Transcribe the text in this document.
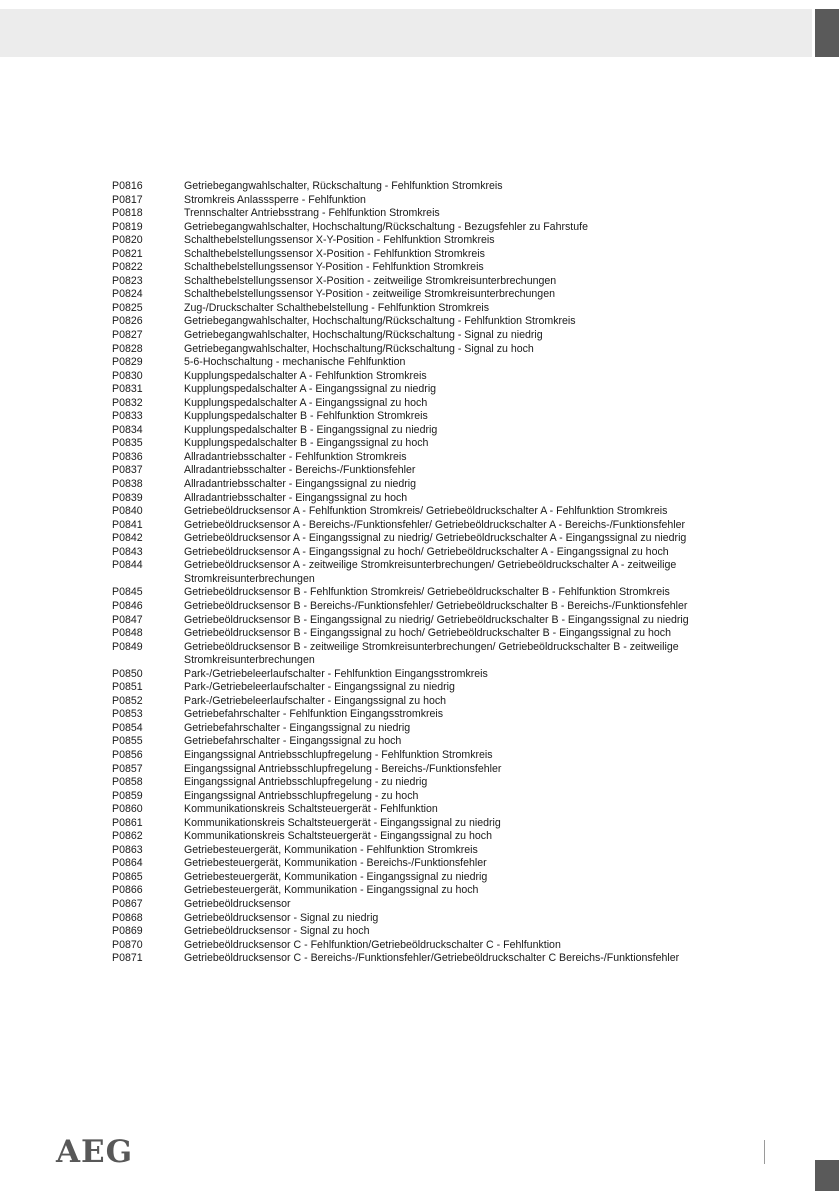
P0816	Getriebegangwahlschalter, Rückschaltung - Fehlfunktion Stromkreis
P0817	Stromkreis Anlasssperre - Fehlfunktion
P0818	Trennschalter Antriebsstrang - Fehlfunktion Stromkreis
P0819	Getriebegangwahlschalter, Hochschaltung/Rückschaltung - Bezugsfehler zu Fahrstufe
P0820	Schalthebelstellungssensor X-Y-Position - Fehlfunktion Stromkreis
P0821	Schalthebelstellungssensor X-Position - Fehlfunktion Stromkreis
P0822	Schalthebelstellungssensor Y-Position - Fehlfunktion Stromkreis
P0823	Schalthebelstellungssensor X-Position - zeitweilige Stromkreisunterbrechungen
P0824	Schalthebelstellungssensor Y-Position - zeitweilige Stromkreisunterbrechungen
P0825	Zug-/Druckschalter Schalthebelstellung - Fehlfunktion Stromkreis
P0826	Getriebegangwahlschalter, Hochschaltung/Rückschaltung - Fehlfunktion Stromkreis
P0827	Getriebegangwahlschalter, Hochschaltung/Rückschaltung - Signal zu niedrig
P0828	Getriebegangwahlschalter, Hochschaltung/Rückschaltung - Signal zu hoch
P0829	5-6-Hochschaltung - mechanische Fehlfunktion
P0830	Kupplungspedalschalter A - Fehlfunktion Stromkreis
P0831	Kupplungspedalschalter A - Eingangssignal zu niedrig
P0832	Kupplungspedalschalter A - Eingangssignal zu hoch
P0833	Kupplungspedalschalter B - Fehlfunktion Stromkreis
P0834	Kupplungspedalschalter B - Eingangssignal zu niedrig
P0835	Kupplungspedalschalter B - Eingangssignal zu hoch
P0836	Allradantriebsschalter - Fehlfunktion Stromkreis
P0837	Allradantriebsschalter - Bereichs-/Funktionsfehler
P0838	Allradantriebsschalter - Eingangssignal zu niedrig
P0839	Allradantriebsschalter - Eingangssignal zu hoch
P0840	Getriebeöldrucksensor A - Fehlfunktion Stromkreis/ Getriebeöldruckschalter A - Fehlfunktion Stromkreis
P0841	Getriebeöldrucksensor A - Bereichs-/Funktionsfehler/ Getriebeöldruckschalter A - Bereichs-/Funktionsfehler
P0842	Getriebeöldrucksensor A - Eingangssignal zu niedrig/ Getriebeöldruckschalter A - Eingangssignal zu niedrig
P0843	Getriebeöldrucksensor A - Eingangssignal zu hoch/ Getriebeöldruckschalter A - Eingangssignal zu hoch
P0844	Getriebeöldrucksensor A - zeitweilige Stromkreisunterbrechungen/ Getriebeöldruckschalter A - zeitweilige Stromkreisunterbrechungen
P0845	Getriebeöldrucksensor B - Fehlfunktion Stromkreis/ Getriebeöldruckschalter B - Fehlfunktion Stromkreis
P0846	Getriebeöldrucksensor B - Bereichs-/Funktionsfehler/ Getriebeöldruckschalter B - Bereichs-/Funktionsfehler
P0847	Getriebeöldrucksensor B - Eingangssignal zu niedrig/ Getriebeöldruckschalter B - Eingangssignal zu niedrig
P0848	Getriebeöldrucksensor B - Eingangssignal zu hoch/ Getriebeöldruckschalter B - Eingangssignal zu hoch
P0849	Getriebeöldrucksensor B - zeitweilige Stromkreisunterbrechungen/ Getriebeöldruckschalter B - zeitweilige Stromkreisunterbrechungen
P0850	Park-/Getriebeleerlaufschalter - Fehlfunktion Eingangsstromkreis
P0851	Park-/Getriebeleerlaufschalter - Eingangssignal zu niedrig
P0852	Park-/Getriebeleerlaufschalter - Eingangssignal zu hoch
P0853	Getriebefahrschalter - Fehlfunktion Eingangsstromkreis
P0854	Getriebefahrschalter - Eingangssignal zu niedrig
P0855	Getriebefahrschalter - Eingangssignal zu hoch
P0856	Eingangssignal Antriebsschlupfregelung - Fehlfunktion Stromkreis
P0857	Eingangssignal Antriebsschlupfregelung - Bereichs-/Funktionsfehler
P0858	Eingangssignal Antriebsschlupfregelung - zu niedrig
P0859	Eingangssignal Antriebsschlupfregelung - zu hoch
P0860	Kommunikationskreis Schaltsteuergerät - Fehlfunktion
P0861	Kommunikationskreis Schaltsteuergerät - Eingangssignal zu niedrig
P0862	Kommunikationskreis Schaltsteuergerät - Eingangssignal zu hoch
P0863	Getriebesteuergerät, Kommunikation - Fehlfunktion Stromkreis
P0864	Getriebesteuergerät, Kommunikation - Bereichs-/Funktionsfehler
P0865	Getriebesteuergerät, Kommunikation - Eingangssignal zu niedrig
P0866	Getriebesteuergerät, Kommunikation - Eingangssignal zu hoch
P0867	Getriebeöldrucksensor
P0868	Getriebeöldrucksensor - Signal zu niedrig
P0869	Getriebeöldrucksensor - Signal zu hoch
P0870	Getriebeöldrucksensor C - Fehlfunktion/Getriebeöldruckschalter C - Fehlfunktion
P0871	Getriebeöldrucksensor C - Bereichs-/Funktionsfehler/Getriebeöldruckschalter C Bereichs-/Funktionsfehler
AEG
